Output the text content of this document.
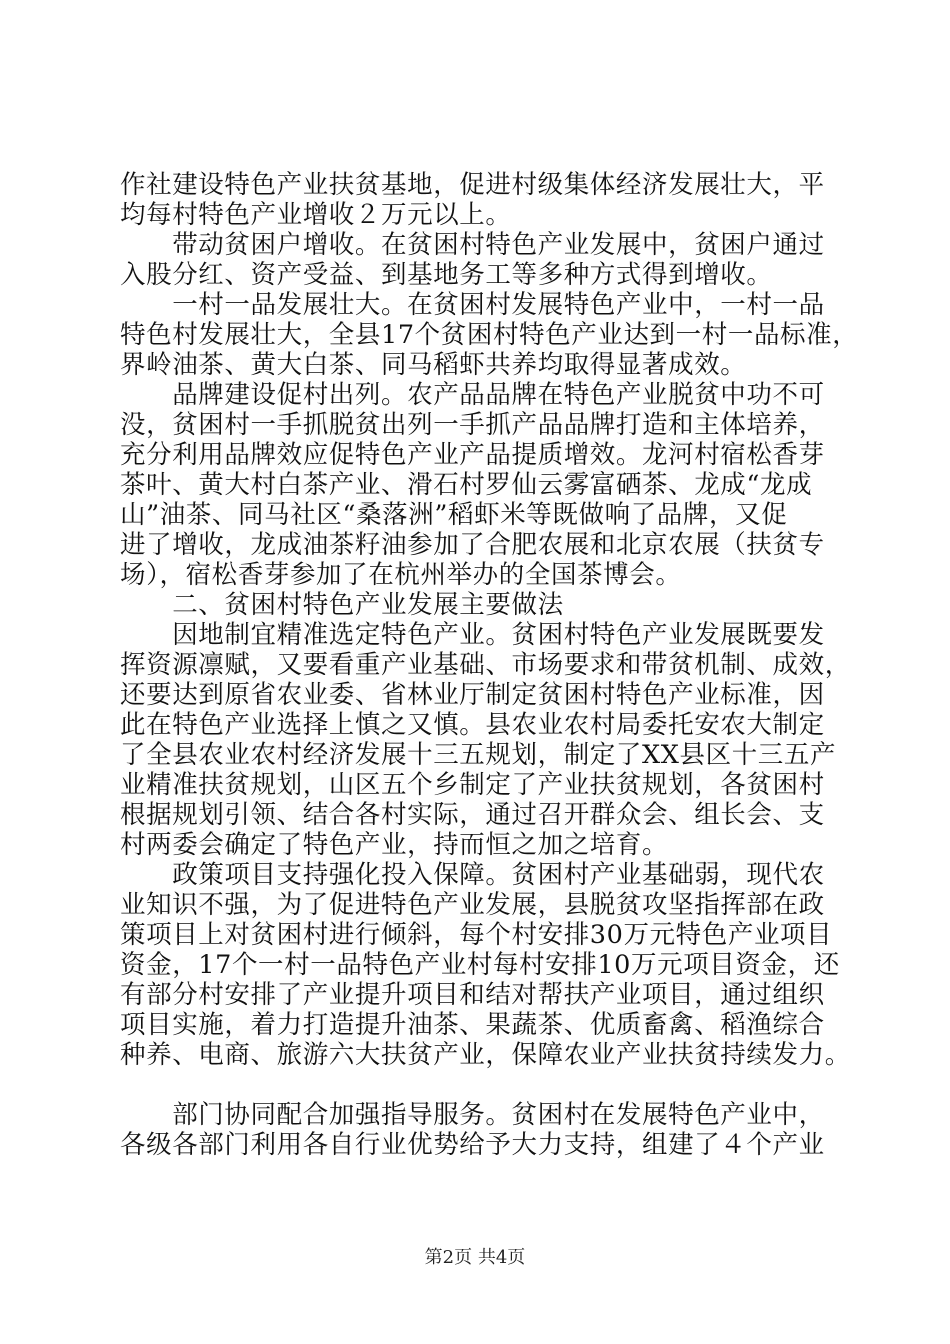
作社建设特色产业扶贫基地，促进村级集体经济发展壮大，平
均每村特色产业增收２万元以上。
　　带动贫困户增收。在贫困村特色产业发展中，贫困户通过
入股分红、资产受益、到基地务工等多种方式得到增收。
　　一村一品发展壮大。在贫困村发展特色产业中，一村一品
特色村发展壮大，全县17个贫困村特色产业达到一村一品标准，
界岭油茶、黄大白茶、同马稻虾共养均取得显著成效。
　　品牌建设促村出列。农产品品牌在特色产业脱贫中功不可
没，贫困村一手抓脱贫出列一手抓产品品牌打造和主体培养，
充分利用品牌效应促特色产业产品提质增效。龙河村宿松香芽
茶叶、黄大村白茶产业、滑石村罗仙云雾富硒茶、龙成“龙成
山”油茶、同马社区“桑落洲”稻虾米等既做响了品牌，又促
进了增收，龙成油茶籽油参加了合肥农展和北京农展（扶贫专
场），宿松香芽参加了在杭州举办的全国茶博会。
　　二、贫困村特色产业发展主要做法
　　因地制宜精准选定特色产业。贫困村特色产业发展既要发
挥资源凛赋，又要看重产业基础、市场要求和带贫机制、成效，
还要达到原省农业委、省林业厅制定贫困村特色产业标准，因
此在特色产业选择上慎之又慎。县农业农村局委托安农大制定
了全县农业农村经济发展十三五规划，制定了XX县区十三五产
业精准扶贫规划，山区五个乡制定了产业扶贫规划，各贫困村
根据规划引领、结合各村实际，通过召开群众会、组长会、支
村两委会确定了特色产业，持而恒之加之培育。
　　政策项目支持强化投入保障。贫困村产业基础弱，现代农
业知识不强，为了促进特色产业发展，县脱贫攻坚指挥部在政
策项目上对贫困村进行倾斜，每个村安排30万元特色产业项目
资金，17个一村一品特色产业村每村安排10万元项目资金，还
有部分村安排了产业提升项目和结对帮扶产业项目，通过组织
项目实施，着力打造提升油茶、果蔬茶、优质畜禽、稻渔综合
种养、电商、旅游六大扶贫产业，保障农业产业扶贫持续发力。
　　部门协同配合加强指导服务。贫困村在发展特色产业中，
各级各部门利用各自行业优势给予大力支持，组建了４个产业
第2页 共4页
